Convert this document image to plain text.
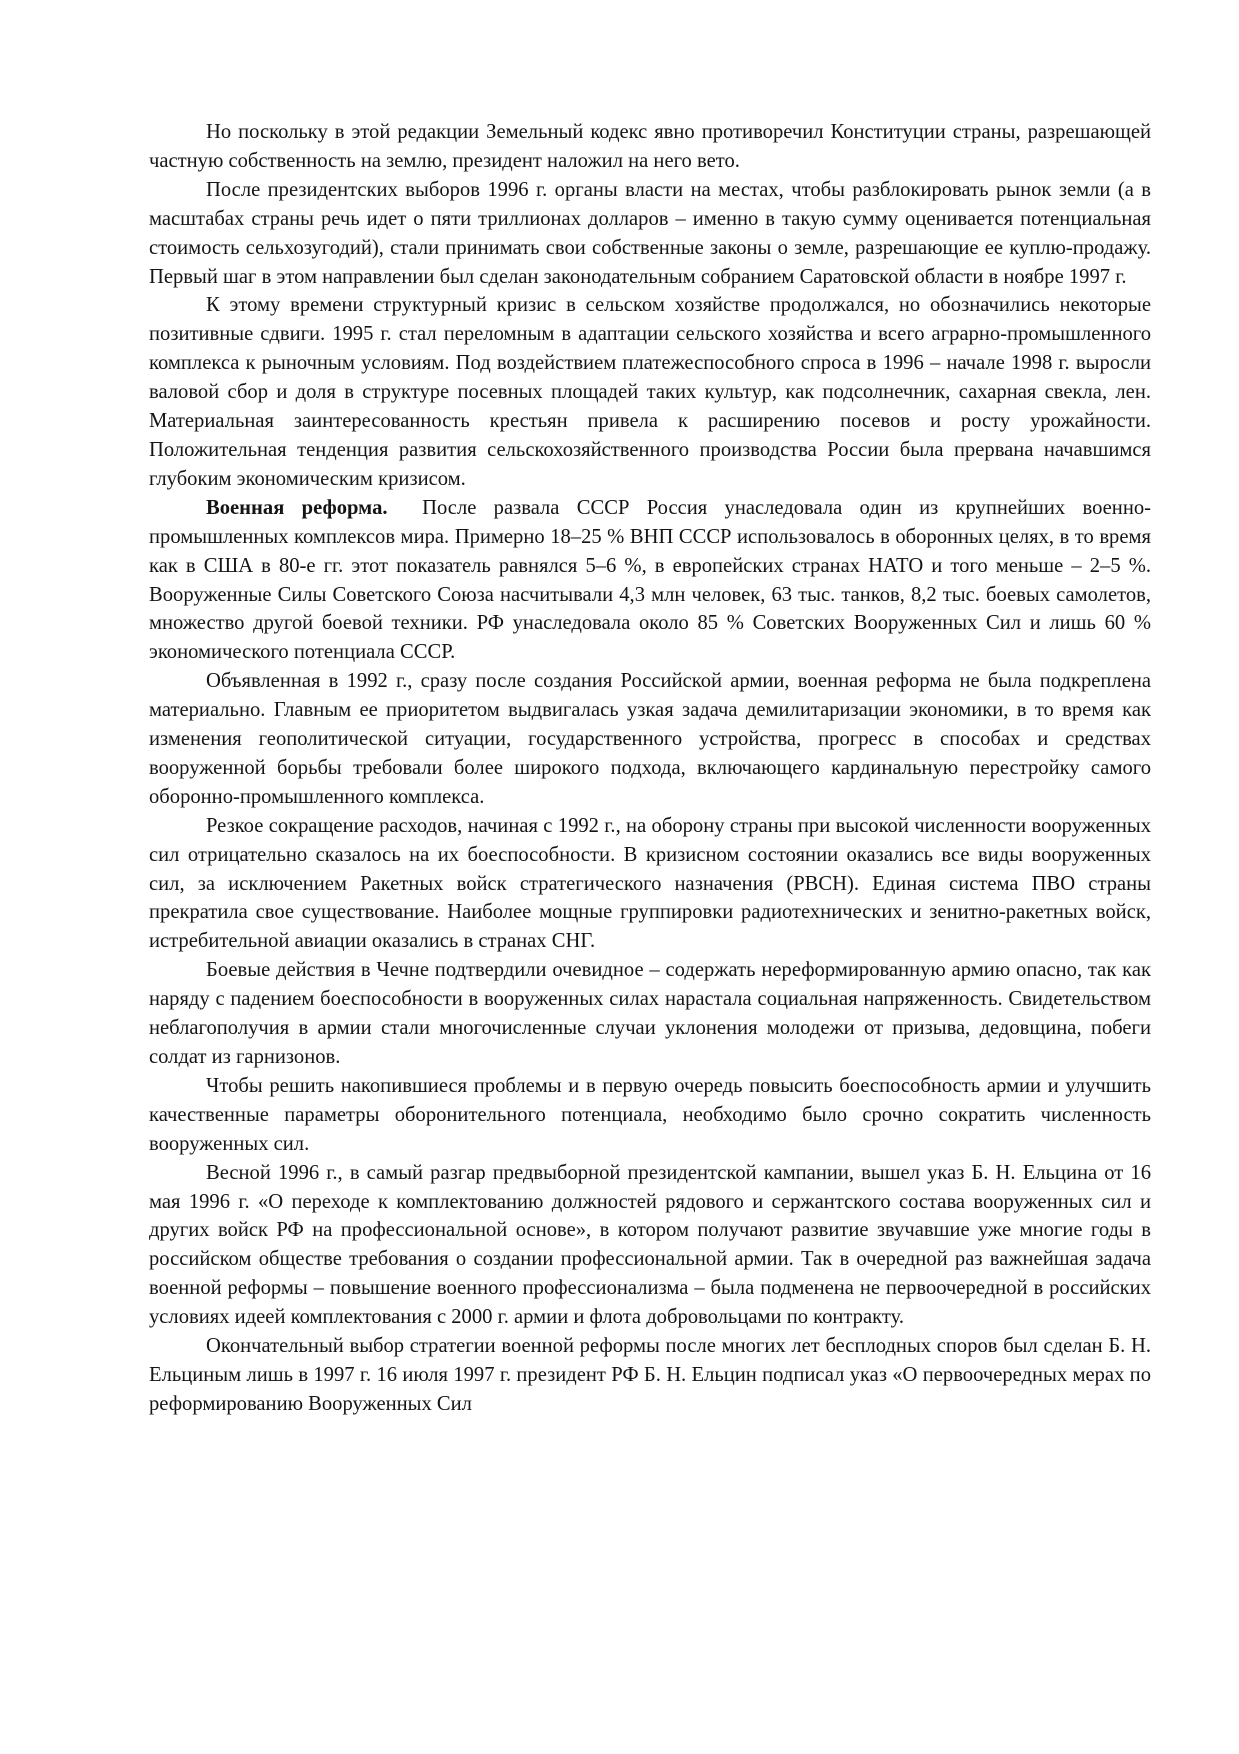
Но поскольку в этой редакции Земельный кодекс явно противоречил Конституции страны, разрешающей частную собственность на землю, президент наложил на него вето.

После президентских выборов 1996 г. органы власти на местах, чтобы разблокировать рынок земли (а в масштабах страны речь идет о пяти триллионах долларов – именно в такую сумму оценивается потенциальная стоимость сельхозугодий), стали принимать свои собственные законы о земле, разрешающие ее куплю-продажу. Первый шаг в этом направлении был сделан законодательным собранием Саратовской области в ноябре 1997 г.

К этому времени структурный кризис в сельском хозяйстве продолжался, но обозначились некоторые позитивные сдвиги. 1995 г. стал переломным в адаптации сельского хозяйства и всего аграрно-промышленного комплекса к рыночным условиям. Под воздействием платежеспособного спроса в 1996 – начале 1998 г. выросли валовой сбор и доля в структуре посевных площадей таких культур, как подсолнечник, сахарная свекла, лен. Материальная заинтересованность крестьян привела к расширению посевов и росту урожайности. Положительная тенденция развития сельскохозяйственного производства России была прервана начавшимся глубоким экономическим кризисом.

Военная реформа. После развала СССР Россия унаследовала один из крупнейших военно-промышленных комплексов мира. Примерно 18–25 % ВНП СССР использовалось в оборонных целях, в то время как в США в 80-е гг. этот показатель равнялся 5–6 %, в европейских странах НАТО и того меньше – 2–5 %. Вооруженные Силы Советского Союза насчитывали 4,3 млн человек, 63 тыс. танков, 8,2 тыс. боевых самолетов, множество другой боевой техники. РФ унаследовала около 85 % Советских Вооруженных Сил и лишь 60 % экономического потенциала СССР.

Объявленная в 1992 г., сразу после создания Российской армии, военная реформа не была подкреплена материально. Главным ее приоритетом выдвигалась узкая задача демилитаризации экономики, в то время как изменения геополитической ситуации, государственного устройства, прогресс в способах и средствах вооруженной борьбы требовали более широкого подхода, включающего кардинальную перестройку самого оборонно-промышленного комплекса.

Резкое сокращение расходов, начиная с 1992 г., на оборону страны при высокой численности вооруженных сил отрицательно сказалось на их боеспособности. В кризисном состоянии оказались все виды вооруженных сил, за исключением Ракетных войск стратегического назначения (РВСН). Единая система ПВО страны прекратила свое существование. Наиболее мощные группировки радиотехнических и зенитно-ракетных войск, истребительной авиации оказались в странах СНГ.

Боевые действия в Чечне подтвердили очевидное – содержать нереформированную армию опасно, так как наряду с падением боеспособности в вооруженных силах нарастала социальная напряженность. Свидетельством неблагополучия в армии стали многочисленные случаи уклонения молодежи от призыва, дедовщина, побеги солдат из гарнизонов.

Чтобы решить накопившиеся проблемы и в первую очередь повысить боеспособность армии и улучшить качественные параметры оборонительного потенциала, необходимо было срочно сократить численность вооруженных сил.

Весной 1996 г., в самый разгар предвыборной президентской кампании, вышел указ Б. Н. Ельцина от 16 мая 1996 г. «О переходе к комплектованию должностей рядового и сержантского состава вооруженных сил и других войск РФ на профессиональной основе», в котором получают развитие звучавшие уже многие годы в российском обществе требования о создании профессиональной армии. Так в очередной раз важнейшая задача военной реформы – повышение военного профессионализма – была подменена не первоочередной в российских условиях идеей комплектования с 2000 г. армии и флота добровольцами по контракту.

Окончательный выбор стратегии военной реформы после многих лет бесплодных споров был сделан Б. Н. Ельциным лишь в 1997 г. 16 июля 1997 г. президент РФ Б. Н. Ельцин подписал указ «О первоочередных мерах по реформированию Вооруженных Сил
